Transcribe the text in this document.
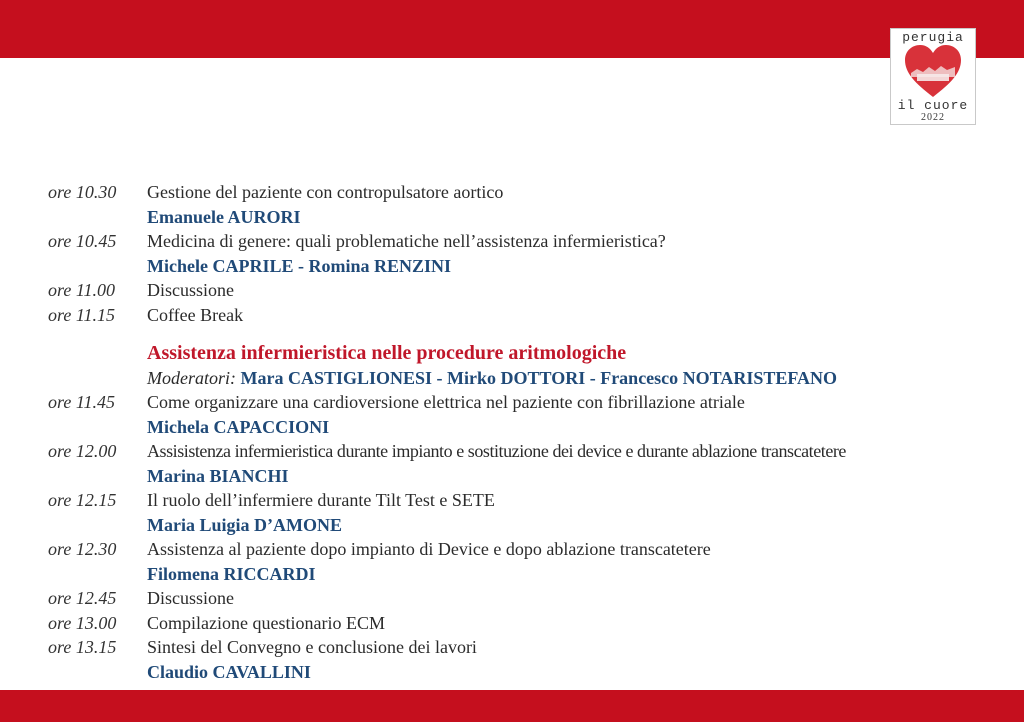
perugia
il cuore
2022
ore 10.30	Gestione del paziente con contropulsatore aortico
Emanuele AURORI
ore 10.45	Medicina di genere: quali problematiche nell’assistenza infermieristica?
Michele CAPRILE - Romina RENZINI
ore 11.00	Discussione
ore 11.15	Coffee Break
Assistenza infermieristica nelle procedure aritmologiche
Moderatori: Mara CASTIGLIONESI - Mirko DOTTORI - Francesco NOTARISTEFANO
ore 11.45	Come organizzare una cardioversione elettrica nel paziente con fibrillazione atriale
Michela CAPACCIONI
ore 12.00	Assisistenza infermieristica durante impianto e sostituzione dei device e durante ablazione transcatetere
Marina BIANCHI
ore 12.15	Il ruolo dell’infermiere durante Tilt Test e SETE
Maria Luigia D’AMONE
ore 12.30	Assistenza al paziente dopo impianto di Device e dopo ablazione transcatetere
Filomena RICCARDI
ore 12.45	Discussione
ore 13.00	Compilazione questionario ECM
ore 13.15	Sintesi del Convegno e conclusione dei lavori
Claudio CAVALLINI
